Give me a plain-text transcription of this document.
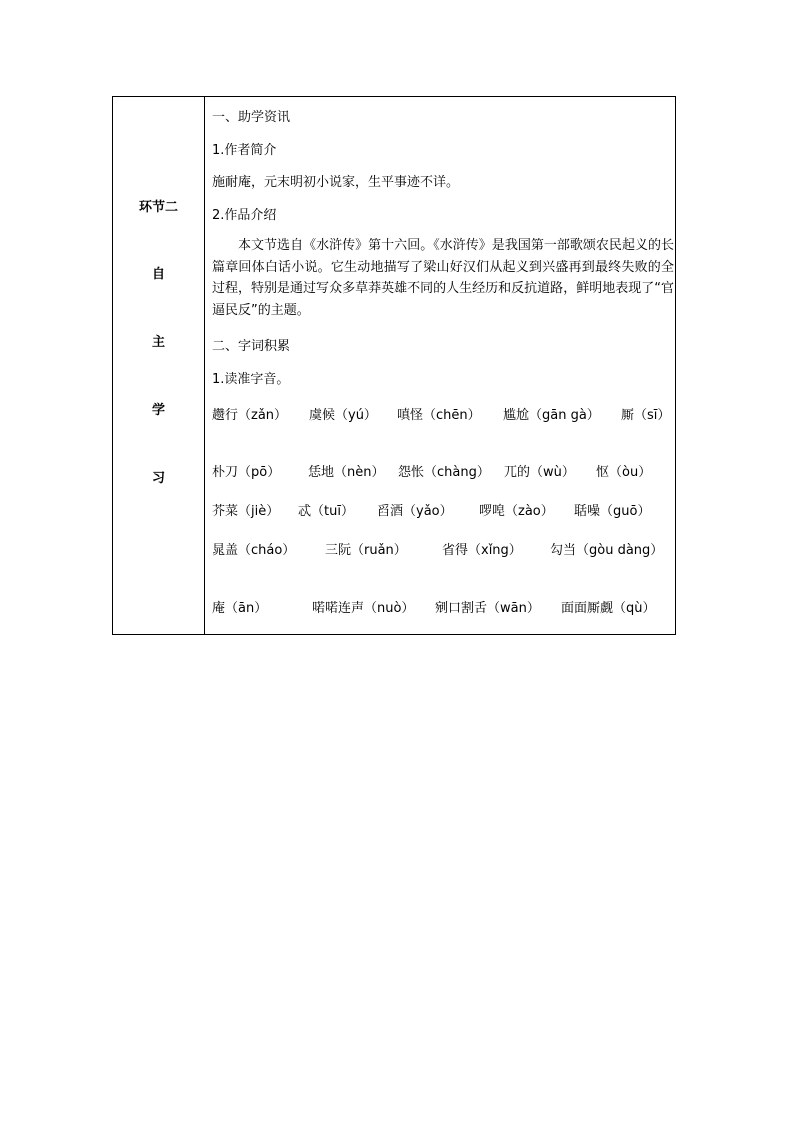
环节二
自
主
学
习

一、助学资讯
1.作者简介
施耐庵，元末明初小说家，生平事迹不详。
2.作品介绍
本文节选自《水浒传》第十六回。《水浒传》是我国第一部歌颂农民起义的长篇章回体白话小说。它生动地描写了梁山好汉们从起义到兴盛再到最终失败的全过程，特别是通过写众多草莽英雄不同的人生经历和反抗道路，鲜明地表现了“官逼民反”的主题。
二、字词积累
1.读准字音。
趱行（zǎn） 虞候（yú） 嗔怪（chēn） 尴尬（gān gà） 厮（sī）
朴刀（pō） 恁地（nèn） 怨怅（chàng） 兀的（wù） 怄（òu）
芥菜（jiè） 忒（tuī） 舀酒（yǎo） 啰唣（zào） 聒噪（guō）
晁盖（cháo） 三阮（ruǎn）	省得（xǐng） 勾当（gòu dàng）
庵（ān）	喏喏连声（nuò） 剜口割舌（wān） 面面厮觑（qù）
